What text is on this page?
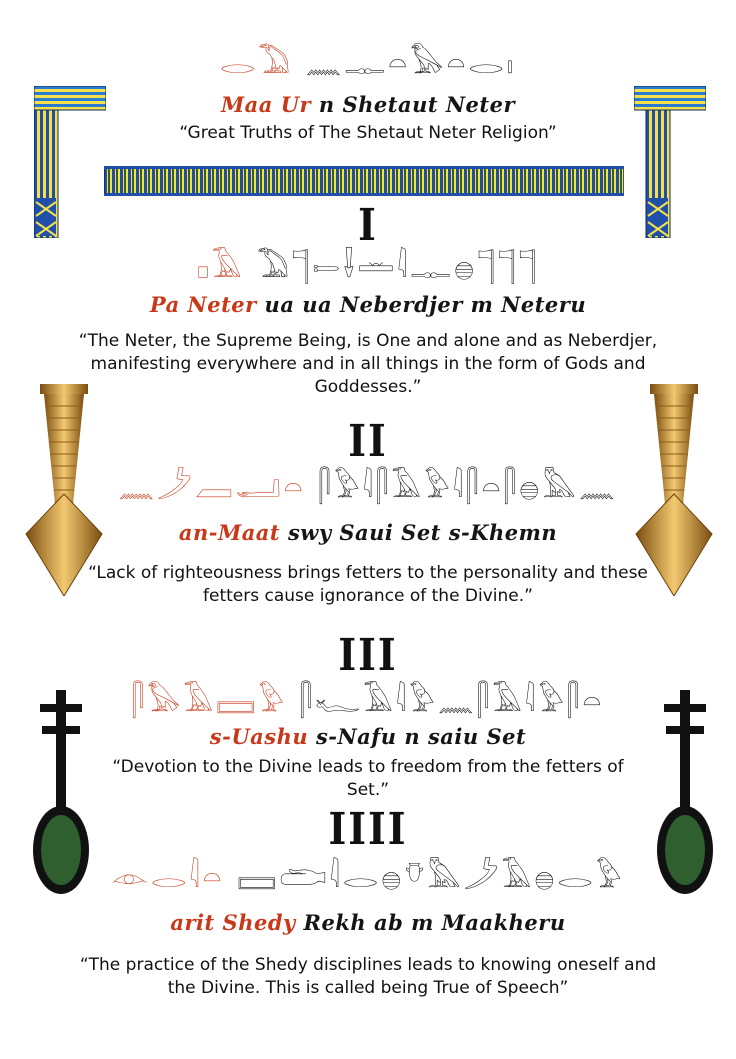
𓂋𓅐 𓈖𓊃𓏏𓅃𓏏𓂋𓏤
Maa Ur n Shetaut Neter
“Great Truths of The Shetaut Neter Religion”
I
𓊪𓄿 𓅐𓊹𓍿𓌢𓏛𓇋𓊃𓐍𓊹𓊹𓊹
Pa Neter ua ua Neberdjer m Neteru
“The Neter, the Supreme Being, is One and alone and as Neberdjer,
manifesting everywhere and in all things in the form of Gods and
Goddesses.”
II
𓈖𓌳𓐙𓂝𓏏 𓋴𓅱𓇋𓋴𓄿𓅱𓇋𓋴𓏏𓋴𓐍𓅓𓈖
an-Maat swy Saui Set s-Khemn
“Lack of righteousness brings fetters to the personality and these
fetters cause ignorance of the Divine.”
III
𓋴𓅃𓄿𓈙𓅱 𓋴𓆑𓄿𓇋𓅱𓈖𓋴𓄿𓇋𓅱𓋴𓏏
s-Uashu s-Nafu n saiu Set
“Devotion to the Divine leads to freedom from the fetters of Set.”
IIII
𓁹𓂋𓇋𓏏 𓈙𓂧𓇋𓂋𓐍𓄣𓅓𓌳𓄿𓐍𓂋𓅱
arit Shedy Rekh ab m Maakheru
“The practice of the Shedy disciplines leads to knowing oneself and
the Divine. This is called being True of Speech”
